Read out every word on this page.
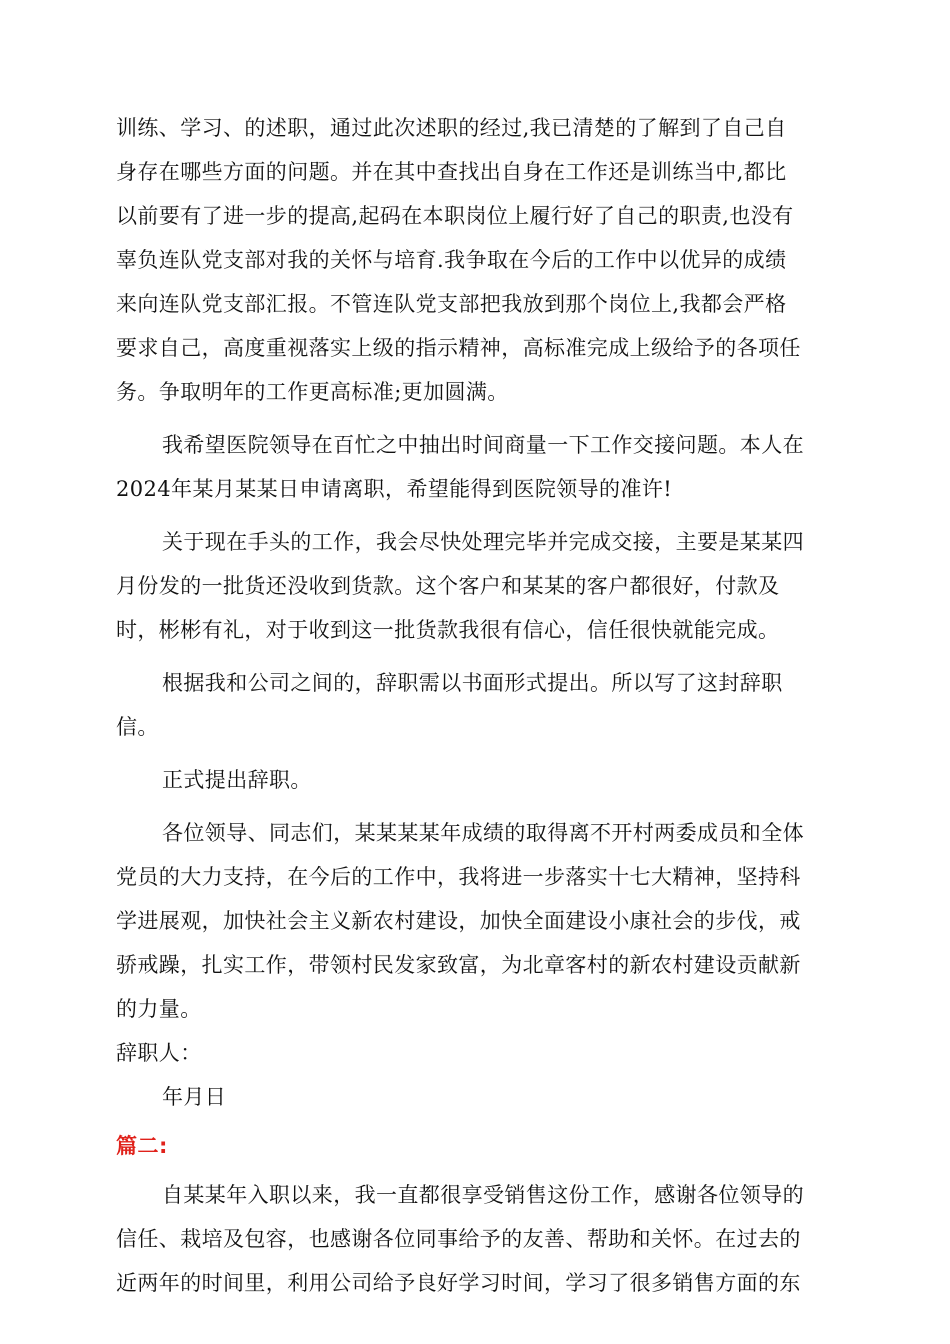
训练、学习、的述职，通过此次述职的经过,我已清楚的了解到了自己自
身存在哪些方面的问题。并在其中查找出自身在工作还是训练当中,都比
以前要有了进一步的提高,起码在本职岗位上履行好了自己的职责,也没有
辜负连队党支部对我的关怀与培育.我争取在今后的工作中以优异的成绩
来向连队党支部汇报。不管连队党支部把我放到那个岗位上,我都会严格
要求自己，高度重视落实上级的指示精神，高标准完成上级给予的各项任
务。争取明年的工作更高标准;更加圆满。
我希望医院领导在百忙之中抽出时间商量一下工作交接问题。本人在
2024年某月某某日申请离职，希望能得到医院领导的准许!
关于现在手头的工作，我会尽快处理完毕并完成交接，主要是某某四
月份发的一批货还没收到货款。这个客户和某某的客户都很好，付款及
时，彬彬有礼，对于收到这一批货款我很有信心，信任很快就能完成。
根据我和公司之间的，辞职需以书面形式提出。所以写了这封辞职
信。
正式提出辞职。
各位领导、同志们，某某某某年成绩的取得离不开村两委成员和全体
党员的大力支持，在今后的工作中，我将进一步落实十七大精神，坚持科
学进展观，加快社会主义新农村建设，加快全面建设小康社会的步伐，戒
骄戒躁，扎实工作，带领村民发家致富，为北章客村的新农村建设贡献新
的力量。
辞职人：
年月日
篇二:
自某某年入职以来，我一直都很享受销售这份工作，感谢各位领导的
信任、栽培及包容，也感谢各位同事给予的友善、帮助和关怀。在过去的
近两年的时间里，利用公司给予良好学习时间，学习了很多销售方面的东
